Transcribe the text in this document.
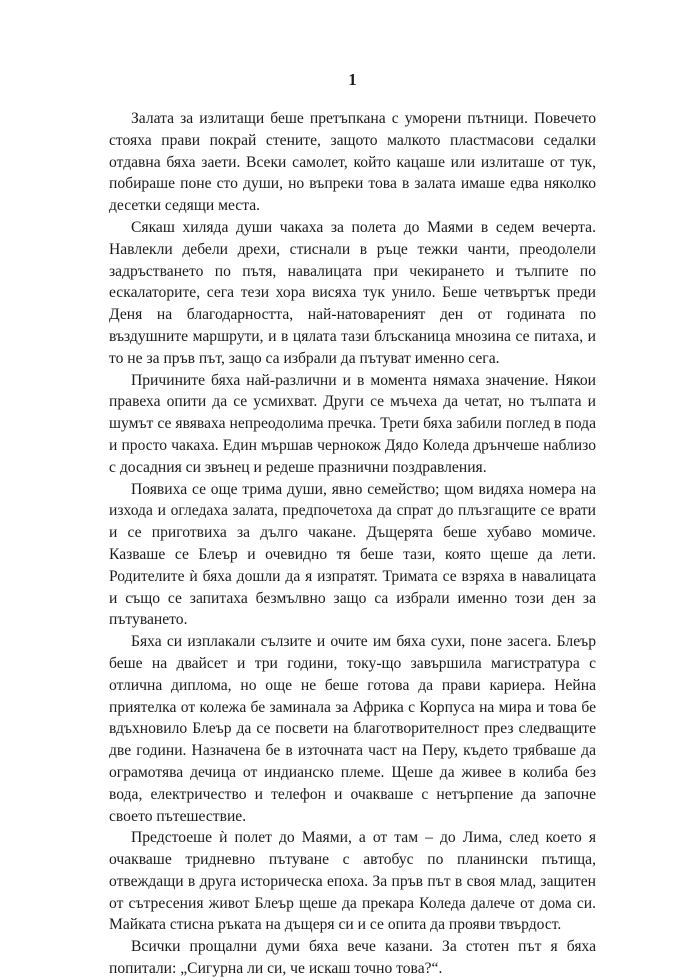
1

Залата за излитащи беше претъпкана с уморени пътници. Повечето стояха прави покрай стените, защото малкото пластмасови седалки отдавна бяха заети. Всеки самолет, който кацаше или излиташе от тук, побираше поне сто души, но въпреки това в залата имаше едва няколко десетки седящи места.

Сякаш хиляда души чакаха за полета до Маями в седем вечерта. Навлекли дебели дрехи, стиснали в ръце тежки чанти, преодолели задръстването по пътя, навалицата при чекирането и тълпите по ескалаторите, сега тези хора висяха тук унило. Беше четвъртък преди Деня на благодарността, най-натовареният ден от годината по въздушните маршрути, и в цялата тази блъсканица мнозина се питаха, и то не за пръв път, защо са избрали да пътуват именно сега.

Причините бяха най-различни и в момента нямаха значение. Някои правеха опити да се усмихват. Други се мъчеха да четат, но тълпата и шумът се явяваха непреодолима пречка. Трети бяха забили поглед в пода и просто чакаха. Един мършав чернокож Дядо Коледа дрънчеше наблизо с досадния си звънец и редеше празнични поздравления.

Появиха се още трима души, явно семейство; щом видяха номера на изхода и огледаха залата, предпочетоха да спрат до плъзгащите се врати и се приготвиха за дълго чакане. Дъщерята беше хубаво момиче. Казваше се Блеър и очевидно тя беше тази, която щеше да лети. Родителите ѝ бяха дошли да я изпратят. Тримата се взряха в навалицата и също се запитаха безмълвно защо са избрали именно този ден за пътуването.

Бяха си изплакали сълзите и очите им бяха сухи, поне засега. Блеър беше на двайсет и три години, току-що завършила магистратура с отлична диплома, но още не беше готова да прави кариера. Нейна приятелка от колежа бе заминала за Африка с Корпуса на мира и това бе вдъхновило Блеър да се посвети на благотворителност през следващите две години. Назначена бе в източната част на Перу, където трябваше да ограмотява дечица от индианско племе. Щеше да живее в колиба без вода, електричество и телефон и очакваше с нетърпение да започне своето пътешествие.

Предстоеше ѝ полет до Маями, а от там – до Лима, след което я очакваше тридневно пътуване с автобус по планински пътища, отвеждащи в друга историческа епоха. За пръв път в своя млад, защитен от сътресения живот Блеър щеше да прекара Коледа далече от дома си. Майката стисна ръката на дъщеря си и се опита да прояви твърдост.

Всички прощални думи бяха вече казани. За стотен път я бяха попитали: „Сигурна ли си, че искаш точно това?“.
